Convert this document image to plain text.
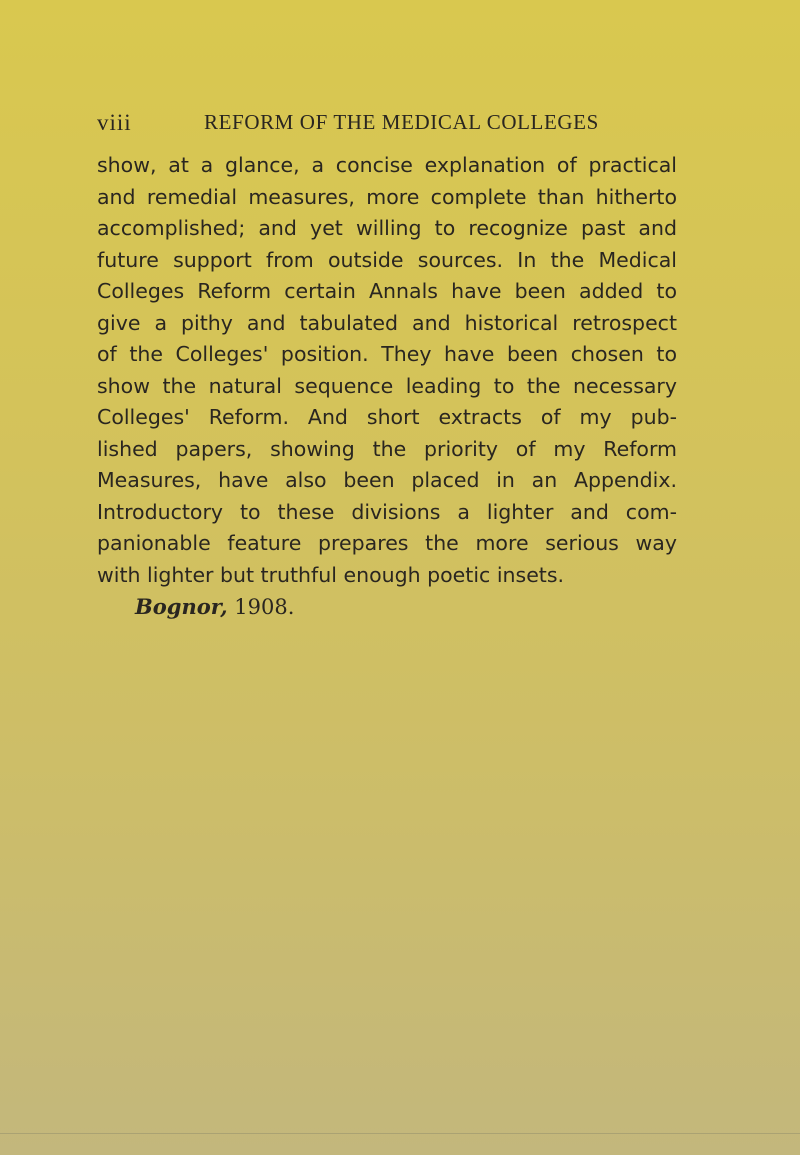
viii	REFORM OF THE MEDICAL COLLEGES
show, at a glance, a concise explanation of practical
and remedial measures, more complete than hitherto
accomplished; and yet willing to recognize past and
future support from outside sources. In the Medical
Colleges Reform certain Annals have been added to
give a pithy and tabulated and historical retrospect
of the Colleges' position. They have been chosen to
show the natural sequence leading to the necessary
Colleges' Reform. And short extracts of my pub-
lished papers, showing the priority of my Reform
Measures, have also been placed in an Appendix.
Introductory to these divisions a lighter and com-
panionable feature prepares the more serious way
with lighter but truthful enough poetic insets.
Bognor, 1908.
